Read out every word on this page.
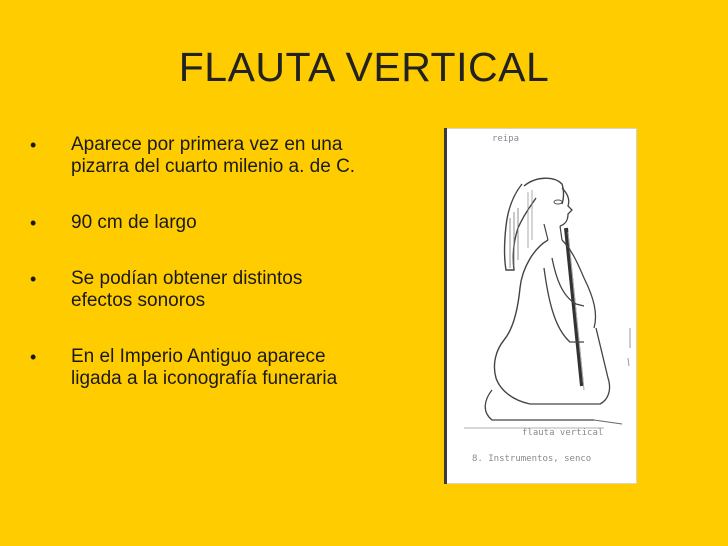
FLAUTA VERTICAL
• Aparece por primera vez en una pizarra del cuarto milenio a. de C.
• 90 cm de largo
• Se podían obtener distintos efectos sonoros
• En el Imperio Antiguo aparece ligada a la iconografía funeraria
reipa
flauta vertical
8. Instrumentos, senco
